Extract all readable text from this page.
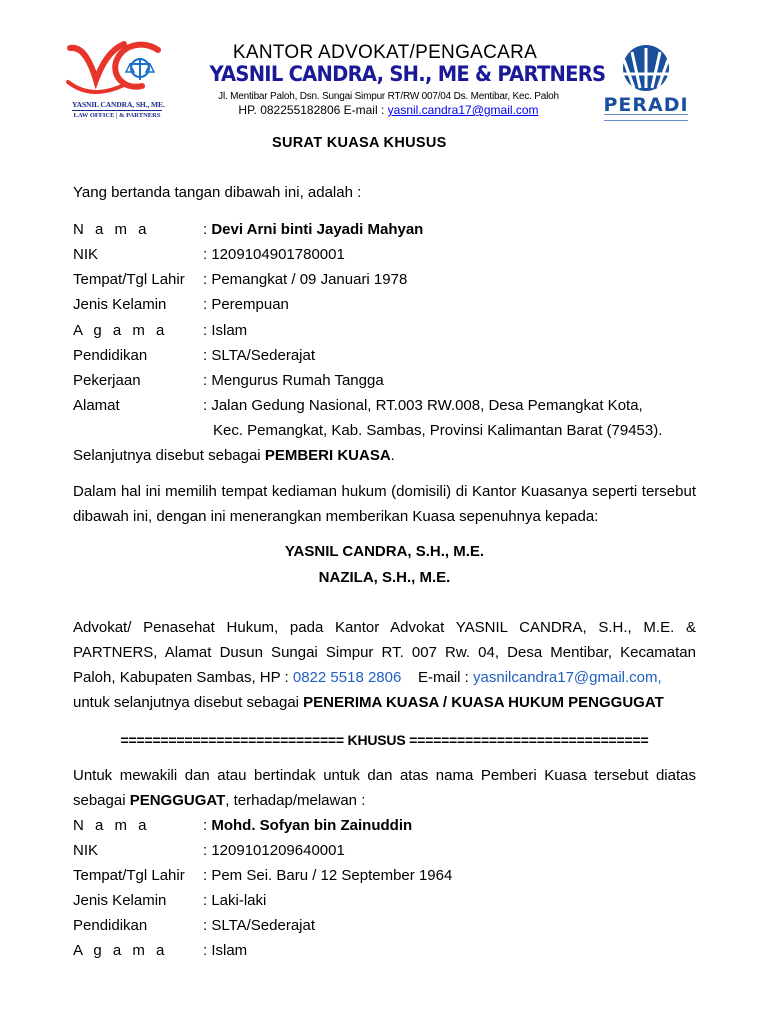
YASNIL CANDRA, SH., ME.
LAW OFFICE | & PARTNERS
KANTOR ADVOKAT/PENGACARA
YASNIL CANDRA, SH., ME & PARTNERS
Jl. Mentibar Paloh, Dsn. Sungai Simpur RT/RW 007/04 Ds. Mentibar, Kec. Paloh
HP. 082255182806 E-mail : yasnil.candra17@gmail.com	PERADI
SURAT KUASA KHUSUS
Yang bertanda tangan dibawah ini, adalah :
N a m a	: Devi Arni binti Jayadi Mahyan
NIK	: 1209104901780001
Tempat/Tgl Lahir : Pemangkat / 09 Januari 1978
Jenis Kelamin : Perempuan
A g a m a : Islam
Pendidikan	: SLTA/Sederajat
Pekerjaan	: Mengurus Rumah Tangga
Alamat	: Jalan Gedung Nasional, RT.003 RW.008, Desa Pemangkat Kota,
Kec. Pemangkat, Kab. Sambas, Provinsi Kalimantan Barat (79453).
Selanjutnya disebut sebagai PEMBERI KUASA.
Dalam hal ini memilih tempat kediaman hukum (domisili) di Kantor Kuasanya seperti tersebut dibawah ini, dengan ini menerangkan memberikan Kuasa sepenuhnya kepada:
YASNIL CANDRA, S.H., M.E.
NAZILA, S.H., M.E.
Advokat/ Penasehat Hukum, pada Kantor Advokat YASNIL CANDRA, S.H., M.E. & PARTNERS, Alamat Dusun Sungai Simpur RT. 007 Rw. 04, Desa Mentibar, Kecamatan Paloh, Kabupaten Sambas, HP : 0822 5518 2806    E-mail : yasnilcandra17@gmail.com,
untuk selanjutnya disebut sebagai PENERIMA KUASA / KUASA HUKUM PENGGUGAT
============================ KHUSUS ==============================
Untuk mewakili dan atau bertindak untuk dan atas nama Pemberi Kuasa tersebut diatas sebagai PENGGUGAT, terhadap/melawan :
N a m a	: Mohd. Sofyan bin Zainuddin
NIK	: 1209101209640001
Tempat/Tgl Lahir : Pem Sei. Baru / 12 September 1964
Jenis Kelamin : Laki-laki
Pendidikan	: SLTA/Sederajat
A g a m a : Islam
